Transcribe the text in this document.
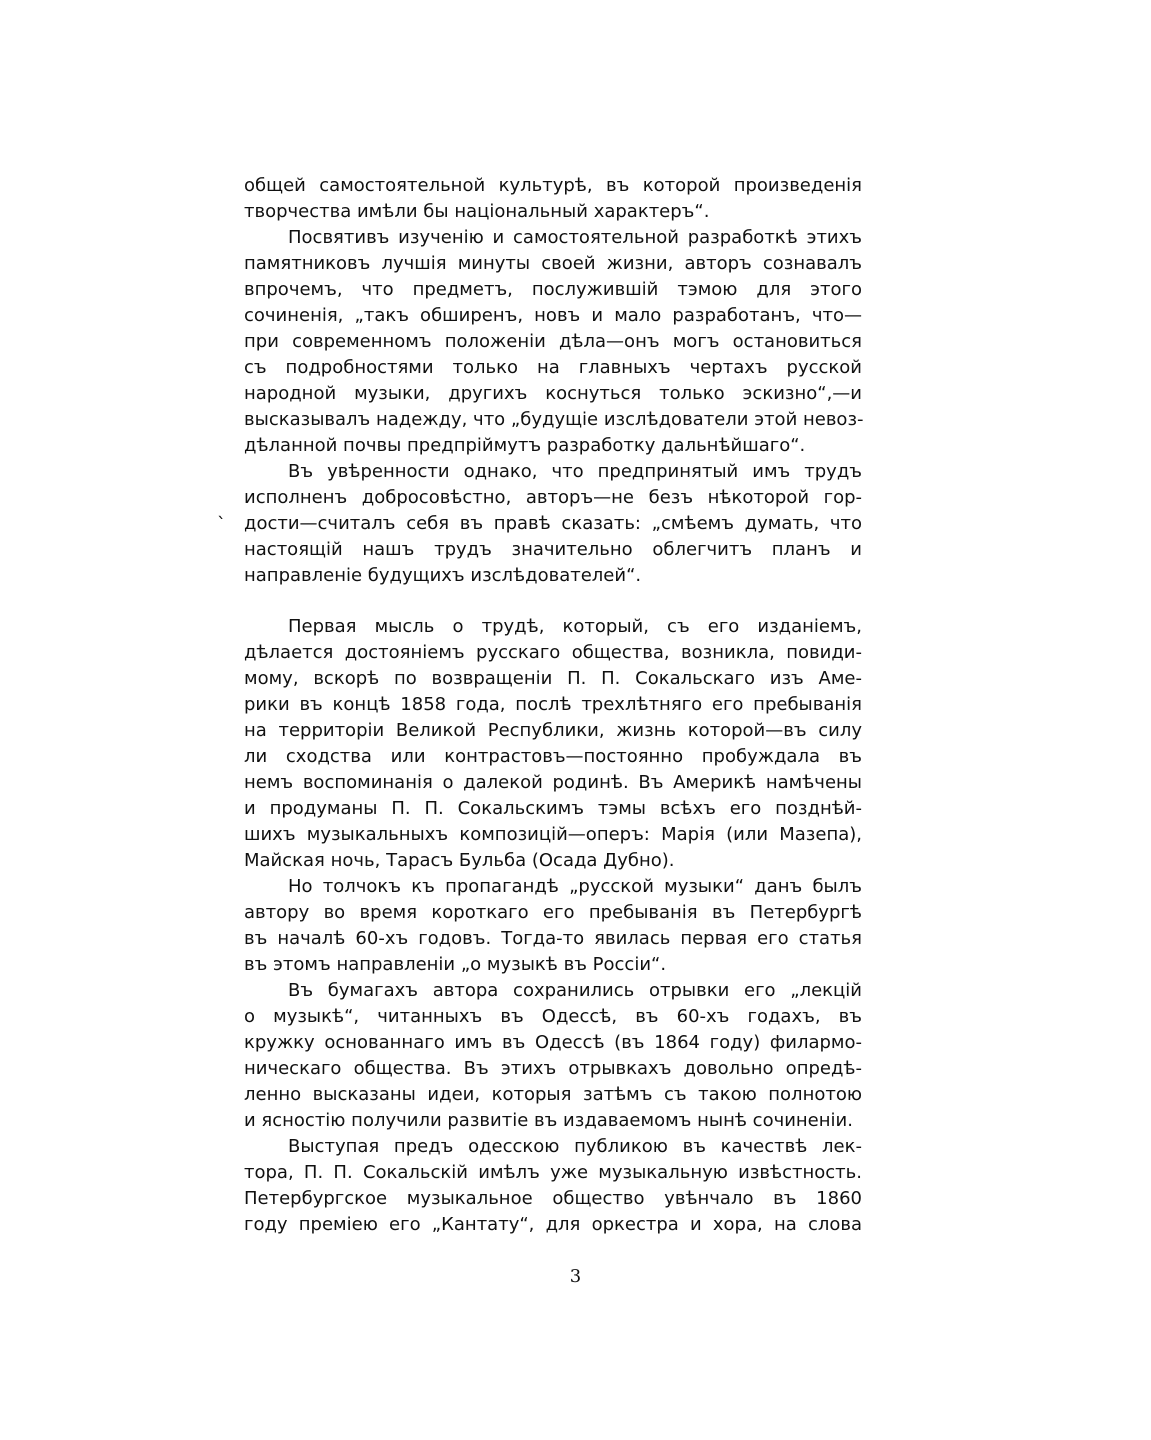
общей самостоятельной культурѣ, въ которой произведенія
творчества имѣли бы національный характеръ“.
Посвятивъ изученію и самостоятельной разработкѣ этихъ
памятниковъ лучшія минуты своей жизни, авторъ сознавалъ
впрочемъ, что предметъ, послужившій тэмою для этого
сочиненія, „такъ обширенъ, новъ и мало разработанъ, что—
при современномъ положеніи дѣла—онъ могъ остановиться
съ подробностями только на главныхъ чертахъ русской
народной музыки, другихъ коснуться только эскизно“,—и
высказывалъ надежду, что „будущіе изслѣдователи этой невоз-
дѣланной почвы предпріймутъ разработку дальнѣйшаго“.
Въ увѣренности однако, что предпринятый имъ трудъ
исполненъ добросовѣстно, авторъ—не безъ нѣкоторой гор-
дости—считалъ себя въ правѣ сказать: „смѣемъ думать, что
настоящій нашъ трудъ значительно облегчитъ планъ и
направленіе будущихъ изслѣдователей“.
`
Первая мысль о трудѣ, который, съ его изданіемъ,
дѣлается достояніемъ русскаго общества, возникла, повиди-
мому, вскорѣ по возвращеніи П. П. Сокальскаго изъ Аме-
рики въ концѣ 1858 года, послѣ трехлѣтняго его пребыванія
на территоріи Великой Республики, жизнь которой—въ силу
ли сходства или контрастовъ—постоянно пробуждала въ
немъ воспоминанія о далекой родинѣ. Въ Америкѣ намѣчены
и продуманы П. П. Сокальскимъ тэмы всѣхъ его позднѣй-
шихъ музыкальныхъ композицій—оперъ: Марія (или Мазепа),
Майская ночь, Тарасъ Бульба (Осада Дубно).
Но толчокъ къ пропагандѣ „русской музыки“ данъ былъ
автору во время короткаго его пребыванія въ Петербургѣ
въ началѣ 60-хъ годовъ. Тогда-то явилась первая его статья
въ этомъ направленіи „о музыкѣ въ Россіи“.
Въ бумагахъ автора сохранились отрывки его „лекцій
о музыкѣ“, читанныхъ въ Одессѣ, въ 60-хъ годахъ, въ
кружку основаннаго имъ въ Одессѣ (въ 1864 году) филармо-
ническаго общества. Въ этихъ отрывкахъ довольно опредѣ-
ленно высказаны идеи, которыя затѣмъ съ такою полнотою
и ясностію получили развитіе въ издаваемомъ нынѣ сочиненіи.
Выступая предъ одесскою публикою въ качествѣ лек-
тора, П. П. Сокальскій имѣлъ уже музыкальную извѣстность.
Петербургское музыкальное общество увѣнчало въ 1860
году преміею его „Кантату“, для оркестра и хора, на слова
3
